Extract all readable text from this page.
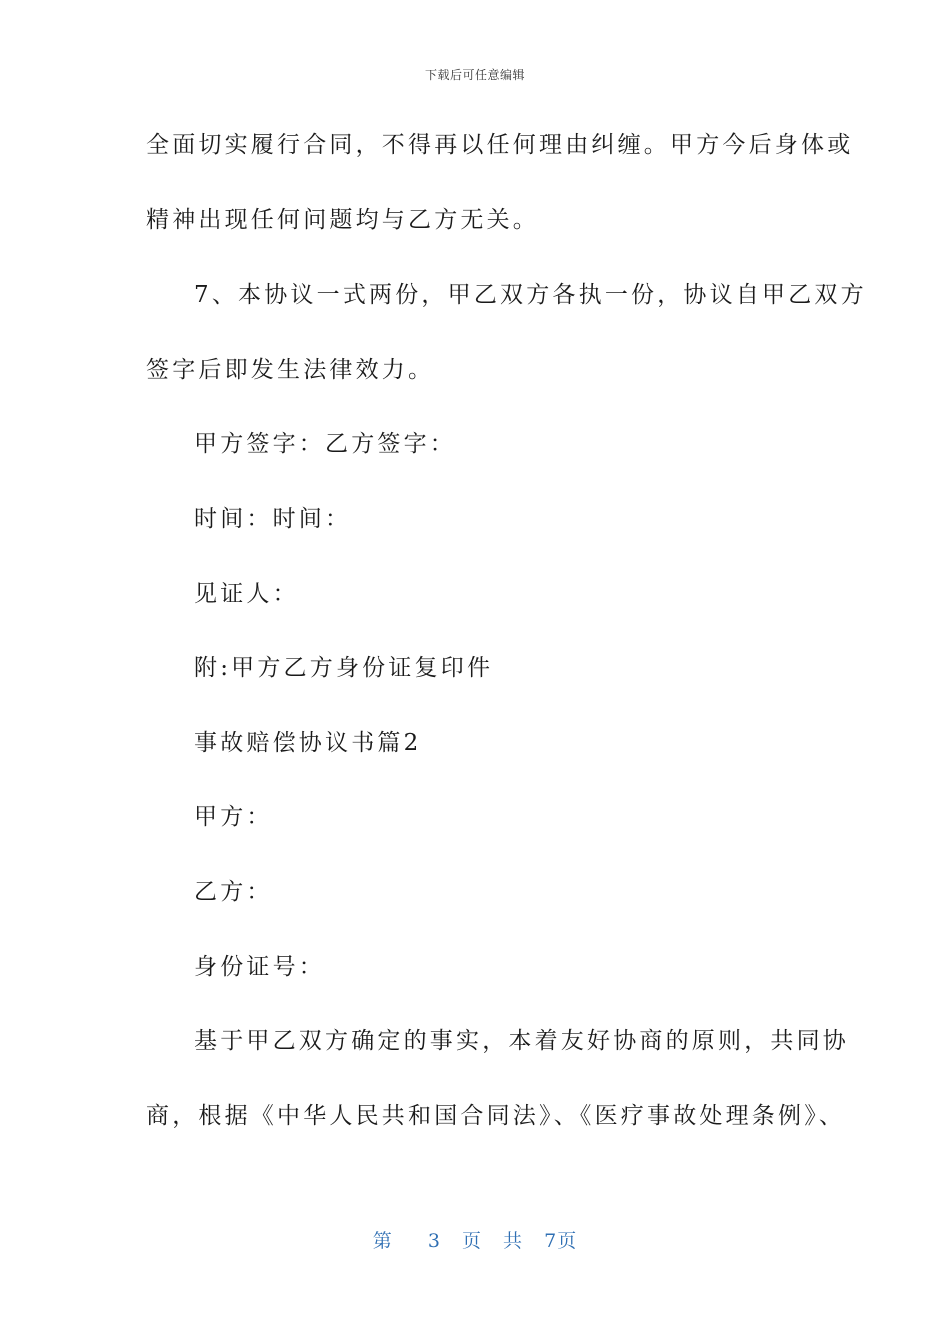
下载后可任意编辑
全面切实履行合同，不得再以任何理由纠缠。甲方今后身体或
精神出现任何问题均与乙方无关。
7、本协议一式两份，甲乙双方各执一份，协议自甲乙双方
签字后即发生法律效力。
甲方签字：乙方签字：
时间：时间：
见证人：
附:甲方乙方身份证复印件
事故赔偿协议书篇2
甲方：
乙方：
身份证号：
基于甲乙双方确定的事实，本着友好协商的原则，共同协
商，根据《中华人民共和国合同法》、《医疗事故处理条例》、
第 3 页 共 7页
